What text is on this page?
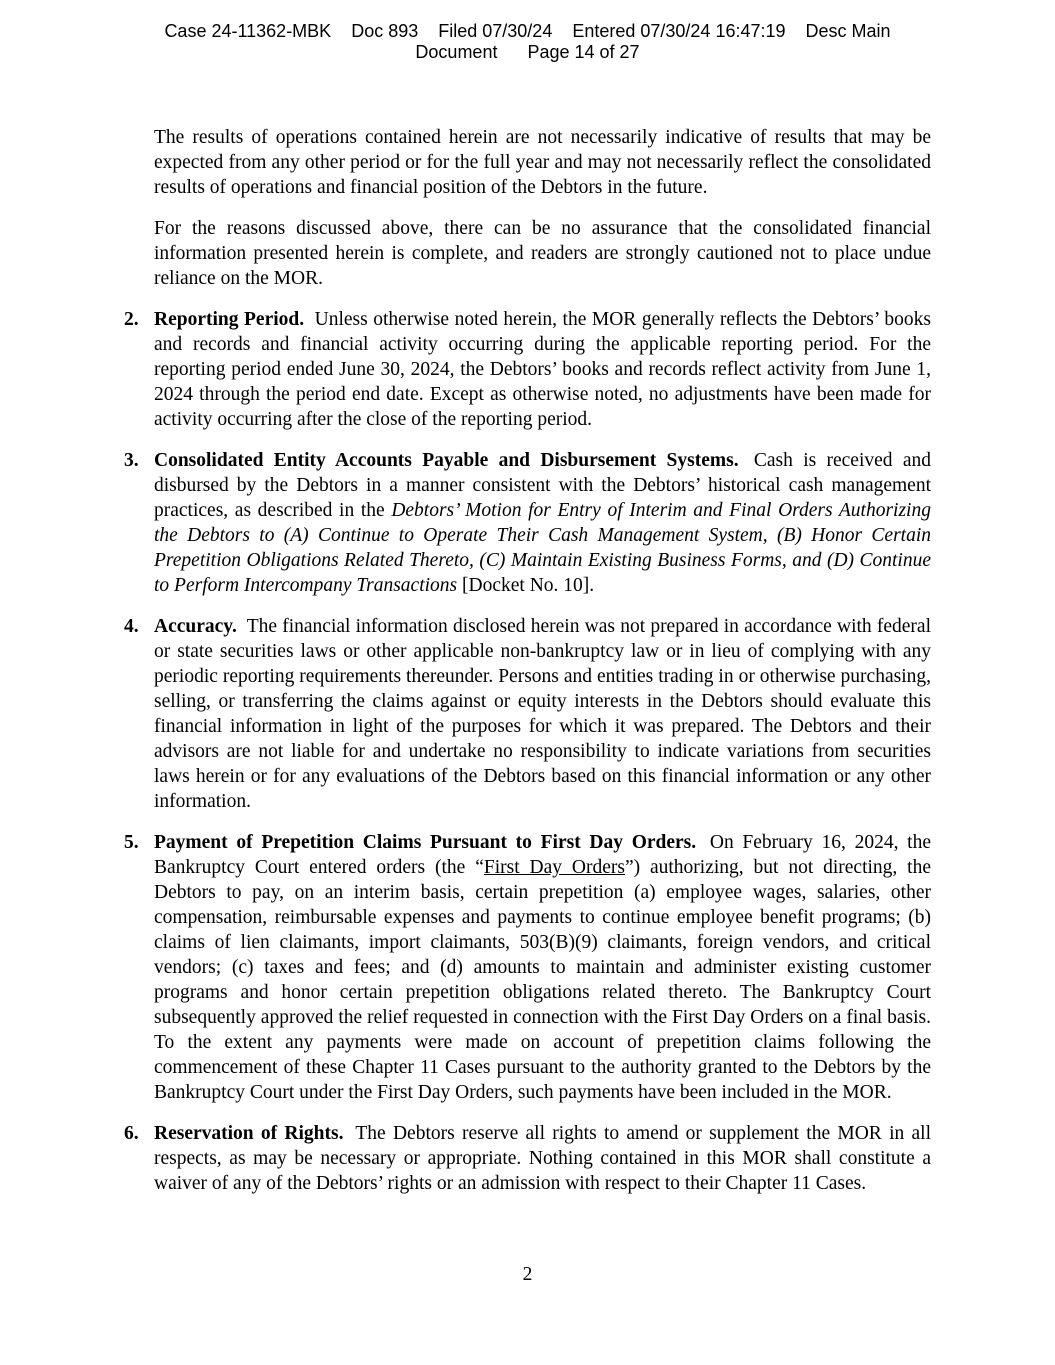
Case 24-11362-MBK    Doc 893    Filed 07/30/24    Entered 07/30/24 16:47:19    Desc Main
Document      Page 14 of 27

The results of operations contained herein are not necessarily indicative of results that may be expected from any other period or for the full year and may not necessarily reflect the consolidated results of operations and financial position of the Debtors in the future.

For the reasons discussed above, there can be no assurance that the consolidated financial information presented herein is complete, and readers are strongly cautioned not to place undue reliance on the MOR.

2. Reporting Period. Unless otherwise noted herein, the MOR generally reflects the Debtors’ books and records and financial activity occurring during the applicable reporting period. For the reporting period ended June 30, 2024, the Debtors’ books and records reflect activity from June 1, 2024 through the period end date. Except as otherwise noted, no adjustments have been made for activity occurring after the close of the reporting period.
3. Consolidated Entity Accounts Payable and Disbursement Systems. Cash is received and disbursed by the Debtors in a manner consistent with the Debtors’ historical cash management practices, as described in the Debtors’ Motion for Entry of Interim and Final Orders Authorizing the Debtors to (A) Continue to Operate Their Cash Management System, (B) Honor Certain Prepetition Obligations Related Thereto, (C) Maintain Existing Business Forms, and (D) Continue to Perform Intercompany Transactions [Docket No. 10].
4. Accuracy. The financial information disclosed herein was not prepared in accordance with federal or state securities laws or other applicable non-bankruptcy law or in lieu of complying with any periodic reporting requirements thereunder. Persons and entities trading in or otherwise purchasing, selling, or transferring the claims against or equity interests in the Debtors should evaluate this financial information in light of the purposes for which it was prepared. The Debtors and their advisors are not liable for and undertake no responsibility to indicate variations from securities laws herein or for any evaluations of the Debtors based on this financial information or any other information.
5. Payment of Prepetition Claims Pursuant to First Day Orders. On February 16, 2024, the Bankruptcy Court entered orders (the “First Day Orders”) authorizing, but not directing, the Debtors to pay, on an interim basis, certain prepetition (a) employee wages, salaries, other compensation, reimbursable expenses and payments to continue employee benefit programs; (b) claims of lien claimants, import claimants, 503(B)(9) claimants, foreign vendors, and critical vendors; (c) taxes and fees; and (d) amounts to maintain and administer existing customer programs and honor certain prepetition obligations related thereto. The Bankruptcy Court subsequently approved the relief requested in connection with the First Day Orders on a final basis. To the extent any payments were made on account of prepetition claims following the commencement of these Chapter 11 Cases pursuant to the authority granted to the Debtors by the Bankruptcy Court under the First Day Orders, such payments have been included in the MOR.
6. Reservation of Rights. The Debtors reserve all rights to amend or supplement the MOR in all respects, as may be necessary or appropriate. Nothing contained in this MOR shall constitute a waiver of any of the Debtors’ rights or an admission with respect to their Chapter 11 Cases.
2
